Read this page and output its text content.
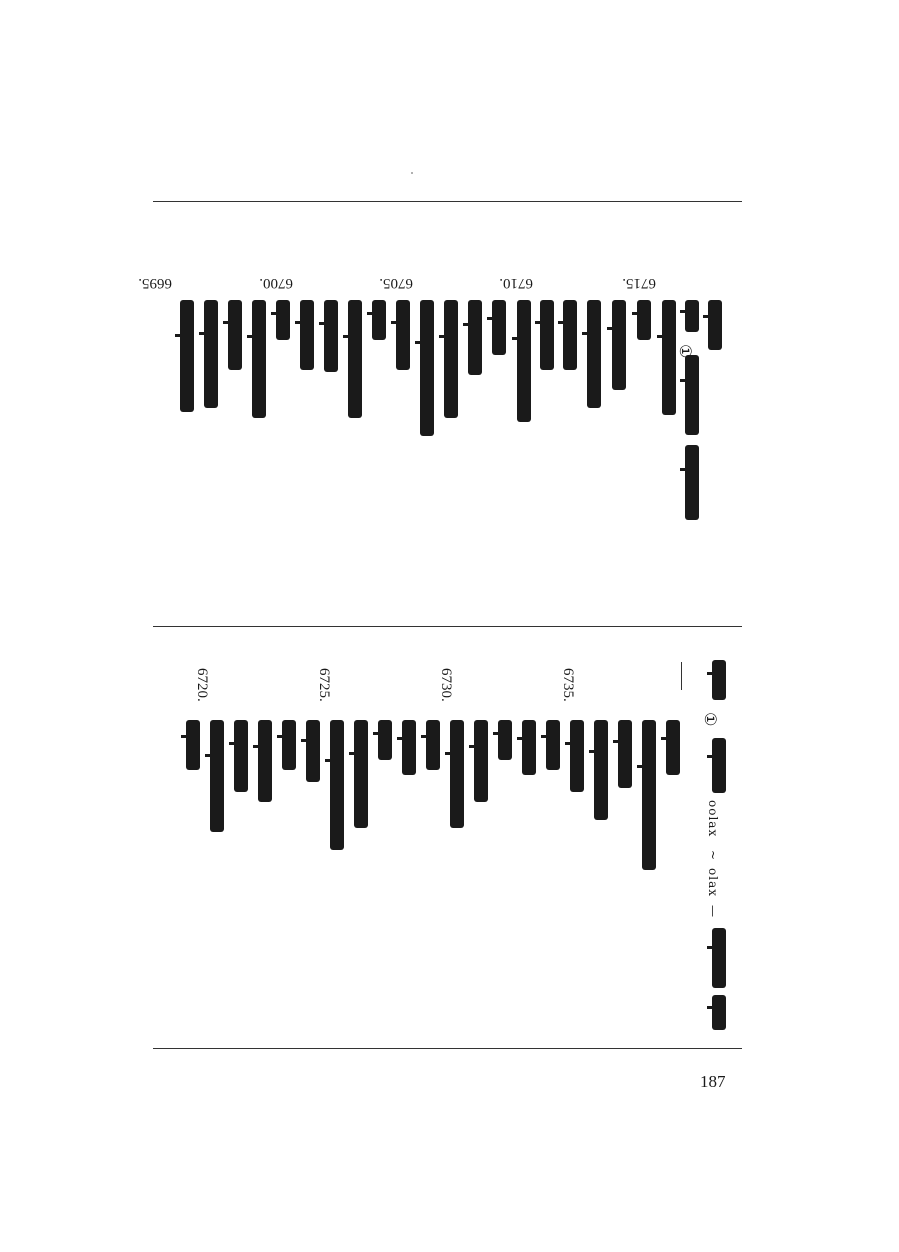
6715.
6710.
6705.
6700.
6695.
①
①
oolax
~
olax
—
6735.
6730.
6725.
6720.
187
